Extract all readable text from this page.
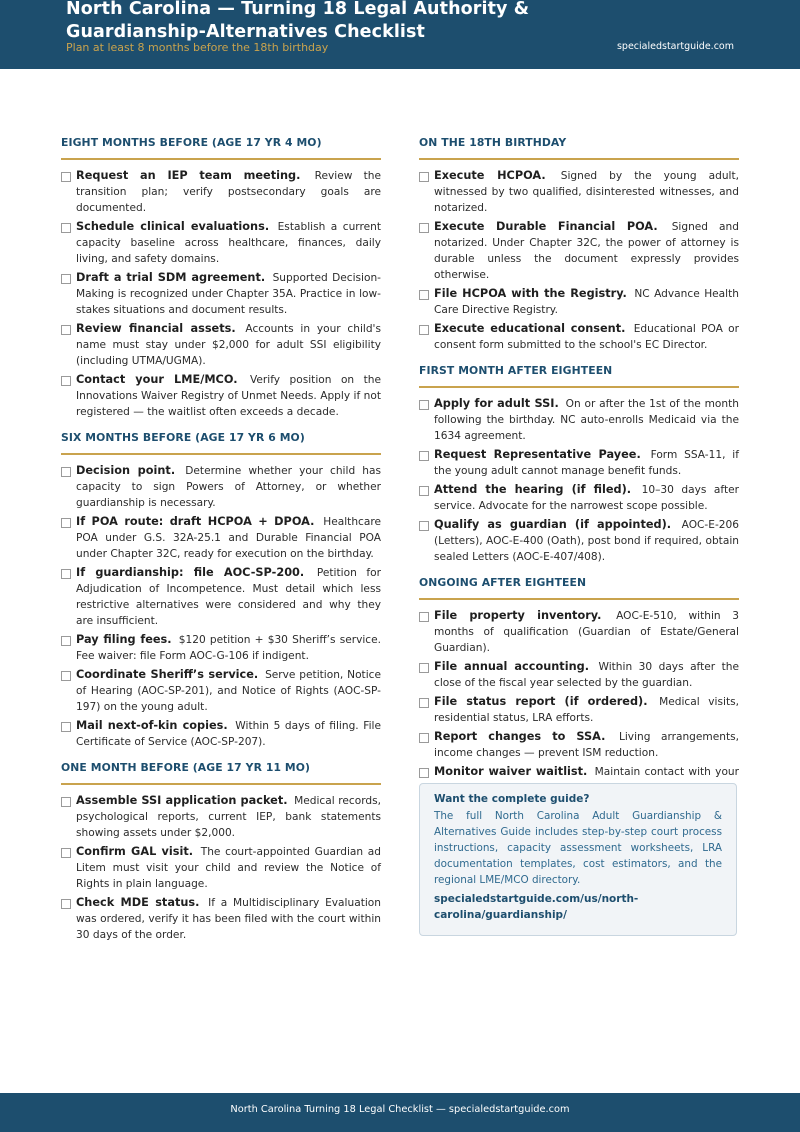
North Carolina — Turning 18 Legal Authority & Guardianship-Alternatives Checklist
Plan at least 8 months before the 18th birthday	specialedstartguide.com
EIGHT MONTHS BEFORE (AGE 17 YR 4 MO)
Request an IEP team meeting. Review the transition plan; verify postsecondary goals are documented.
Schedule clinical evaluations. Establish a current capacity baseline across healthcare, finances, daily living, and safety domains.
Draft a trial SDM agreement. Supported Decision-Making is recognized under Chapter 35A. Practice in low-stakes situations and document results.
Review financial assets. Accounts in your child's name must stay under $2,000 for adult SSI eligibility (including UTMA/UGMA).
Contact your LME/MCO. Verify position on the Innovations Waiver Registry of Unmet Needs. Apply if not registered — the waitlist often exceeds a decade.
SIX MONTHS BEFORE (AGE 17 YR 6 MO)
Decision point. Determine whether your child has capacity to sign Powers of Attorney, or whether guardianship is necessary.
If POA route: draft HCPOA + DPOA. Healthcare POA under G.S. 32A-25.1 and Durable Financial POA under Chapter 32C, ready for execution on the birthday.
If guardianship: file AOC-SP-200. Petition for Adjudication of Incompetence. Must detail which less restrictive alternatives were considered and why they are insufficient.
Pay filing fees. $120 petition + $30 Sheriff’s service. Fee waiver: file Form AOC-G-106 if indigent.
Coordinate Sheriff’s service. Serve petition, Notice of Hearing (AOC-SP-201), and Notice of Rights (AOC-SP-197) on the young adult.
Mail next-of-kin copies. Within 5 days of filing. File Certificate of Service (AOC-SP-207).
ONE MONTH BEFORE (AGE 17 YR 11 MO)
Assemble SSI application packet. Medical records, psychological reports, current IEP, bank statements showing assets under $2,000.
Confirm GAL visit. The court-appointed Guardian ad Litem must visit your child and review the Notice of Rights in plain language.
Check MDE status. If a Multidisciplinary Evaluation was ordered, verify it has been filed with the court within 30 days of the order.
ON THE 18TH BIRTHDAY
Execute HCPOA. Signed by the young adult, witnessed by two qualified, disinterested witnesses, and notarized.
Execute Durable Financial POA. Signed and notarized. Under Chapter 32C, the power of attorney is durable unless the document expressly provides otherwise.
File HCPOA with the Registry. NC Advance Health Care Directive Registry.
Execute educational consent. Educational POA or consent form submitted to the school's EC Director.
FIRST MONTH AFTER EIGHTEEN
Apply for adult SSI. On or after the 1st of the month following the birthday. NC auto-enrolls Medicaid via the 1634 agreement.
Request Representative Payee. Form SSA-11, if the young adult cannot manage benefit funds.
Attend the hearing (if filed). 10–30 days after service. Advocate for the narrowest scope possible.
Qualify as guardian (if appointed). AOC-E-206 (Letters), AOC-E-400 (Oath), post bond if required, obtain sealed Letters (AOC-E-407/408).
ONGOING AFTER EIGHTEEN
File property inventory. AOC-E-510, within 3 months of qualification (Guardian of Estate/General Guardian).
File annual accounting. Within 30 days after the close of the fiscal year selected by the guardian.
File status report (if ordered). Medical visits, residential status, LRA efforts.
Report changes to SSA. Living arrangements, income changes — prevent ISM reduction.
Monitor waiver waitlist. Maintain contact with your
Want the complete guide?
The full North Carolina Adult Guardianship & Alternatives Guide includes step-by-step court process instructions, capacity assessment worksheets, LRA documentation templates, cost estimators, and the regional LME/MCO directory.
specialedstartguide.com/us/north-carolina/guardianship/
North Carolina Turning 18 Legal Checklist — specialedstartguide.com
